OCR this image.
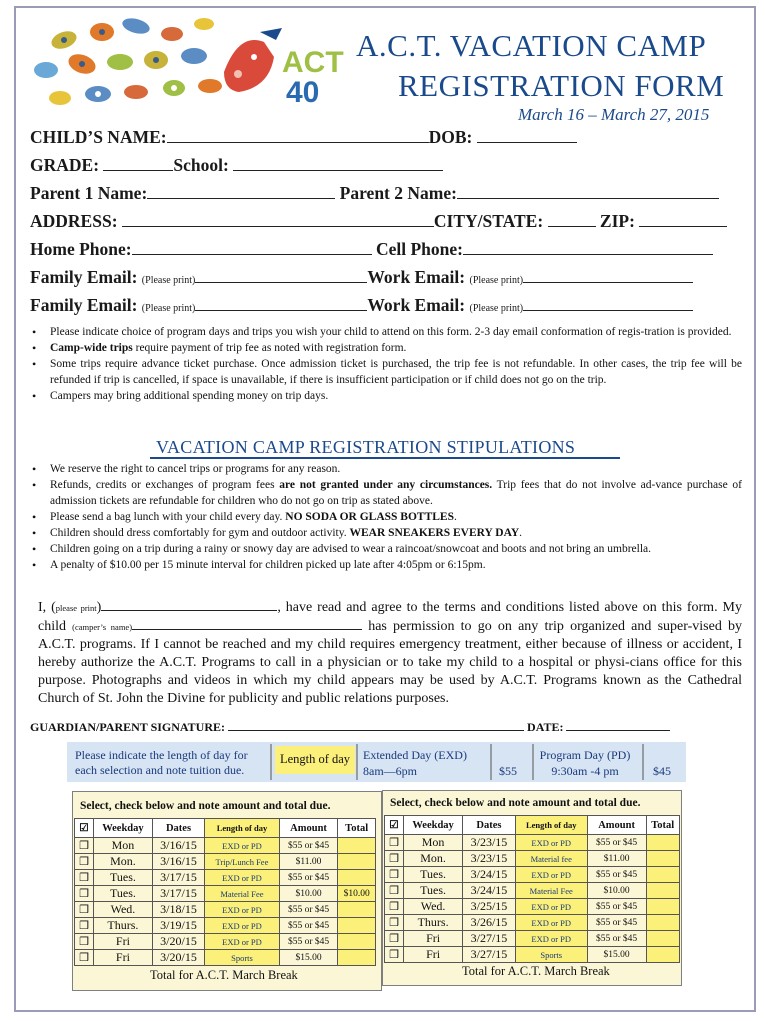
ACT
40
A.C.T. VACATION CAMP
REGISTRATION FORM
March 16 – March 27, 2015
CHILD’S NAME:	DOB:
GRADE:	School:
Parent 1 Name:	Parent 2 Name:
ADDRESS:	CITY/STATE:	ZIP:
Home Phone:	Cell Phone:
Family Email: (Please print)	Work Email: (Please print)
Family Email: (Please print)	Work Email: (Please print)
• Please indicate choice of program days and trips you wish your child to attend on this form. 2-3 day email conformation of regis-tration is provided.
• Camp-wide trips require payment of trip fee as noted with registration form.
• Some trips require advance ticket purchase. Once admission ticket is purchased, the trip fee is not refundable. In other cases, the trip fee will be refunded if trip is cancelled, if space is unavailable, if there is insufficient participation or if child does not go on the trip.
• Campers may bring additional spending money on trip days.
VACATION CAMP REGISTRATION STIPULATIONS
• We reserve the right to cancel trips or programs for any reason.
• Refunds, credits or exchanges of program fees are not granted under any circumstances. Trip fees that do not involve ad-vance purchase of admission tickets are refundable for children who do not go on trip as stated above.
• Please send a bag lunch with your child every day. NO SODA OR GLASS BOTTLES.
• Children should dress comfortably for gym and outdoor activity. WEAR SNEAKERS EVERY DAY.
• Children going on a trip during a rainy or snowy day are advised to wear a raincoat/snowcoat and boots and not bring an umbrella.
• A penalty of $10.00 per 15 minute interval for children picked up late after 4:05pm or 6:15pm.
I, (please print)	, have read and agree to the terms and conditions listed above on this form. My child (camper’s name)	has permission to go on any trip organized and super-vised by A.C.T. programs. If I cannot be reached and my child requires emergency treatment, either because of illness or accident, I hereby authorize the A.C.T. Programs to call in a physician or to take my child to a hospital or physi-cians office for this purpose. Photographs and videos in which my child appears may be used by A.C.T. Programs known as the Cathedral Church of St. John the Divine for publicity and public relations purposes.
GUARDIAN/PARENT SIGNATURE:	DATE:
Please indicate the length of day for each selection and note tuition due.
Length of day	Extended Day (EXD)
8am—6pm	$55
Program Day (PD)
9:30am -4 pm	$45
Select, check below and note amount and total due.
☑	Weekday	Dates	Length of day	Amount	Total
❒	Mon	3/16/15	EXD or PD	$55 or $45	
❒	Mon.	3/16/15	Trip/Lunch Fee	$11.00	
❒	Tues.	3/17/15	EXD or PD	$55 or $45	
❒	Tues.	3/17/15	Material Fee	$10.00	$10.00
❒	Wed.	3/18/15	EXD or PD	$55 or $45	
❒	Thurs.	3/19/15	EXD or PD	$55 or $45	
❒	Fri	3/20/15	EXD or PD	$55 or $45	
❒	Fri	3/20/15	Sports	$15.00	
Total for A.C.T. March Break
Select, check below and note amount and total due.
☑	Weekday	Dates	Length of day	Amount	Total
❒	Mon	3/23/15	EXD or PD	$55 or $45	
❒	Mon.	3/23/15	Material fee	$11.00	
❒	Tues.	3/24/15	EXD or PD	$55 or $45	
❒	Tues.	3/24/15	Material Fee	$10.00	
❒	Wed.	3/25/15	EXD or PD	$55 or $45	
❒	Thurs.	3/26/15	EXD or PD	$55 or $45	
❒	Fri	3/27/15	EXD or PD	$55 or $45	
❒	Fri	3/27/15	Sports	$15.00	
Total for A.C.T. March Break
